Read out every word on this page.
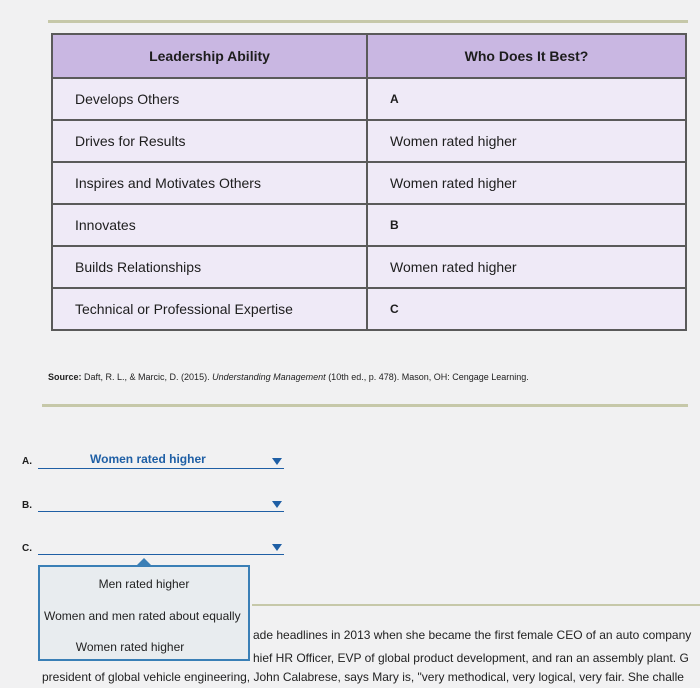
Leadership Ability	Who Does It Best?
Develops Others	A
Drives for Results	Women rated higher
Inspires and Motivates Others	Women rated higher
Innovates	B
Builds Relationships	Women rated higher
Technical or Professional Expertise	C
Source: Daft, R. L., & Marcic, D. (2015). Understanding Management (10th ed., p. 478). Mason, OH: Cengage Learning.
A.	Women rated higher
B.
C.
ade headlines in 2013 when she became the first female CEO of an auto company
hief HR Officer, EVP of global product development, and ran an assembly plant. G
president of global vehicle engineering, John Calabrese, says Mary is, "very methodical, very logical, very fair. She challe
Men rated higher
Women and men rated about equally
Women rated higher
